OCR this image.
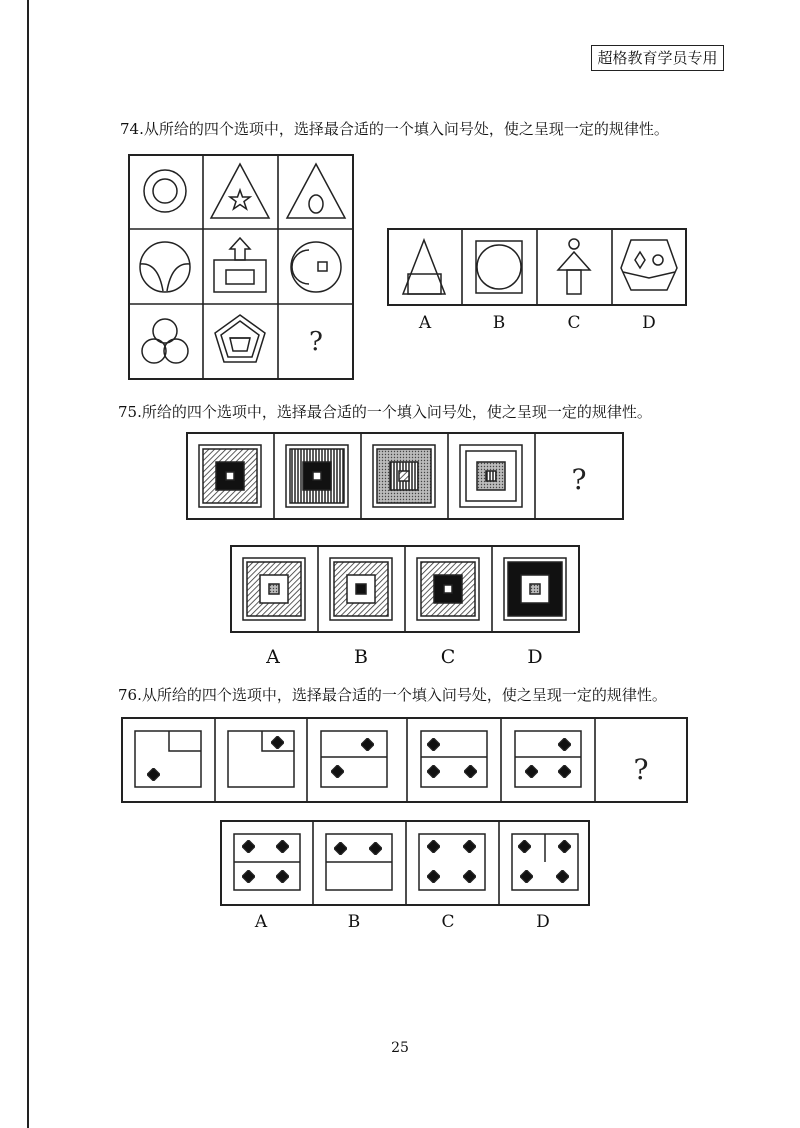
超格教育学员专用
74.从所给的四个选项中，选择最合适的一个填入问号处，使之呈现一定的规律性。
?
A	B	C	D
75.所给的四个选项中，选择最合适的一个填入问号处，使之呈现一定的规律性。
?
A	B	C	D
76.从所给的四个选项中，选择最合适的一个填入问号处，使之呈现一定的规律性。
?
A	B	C	D
25
